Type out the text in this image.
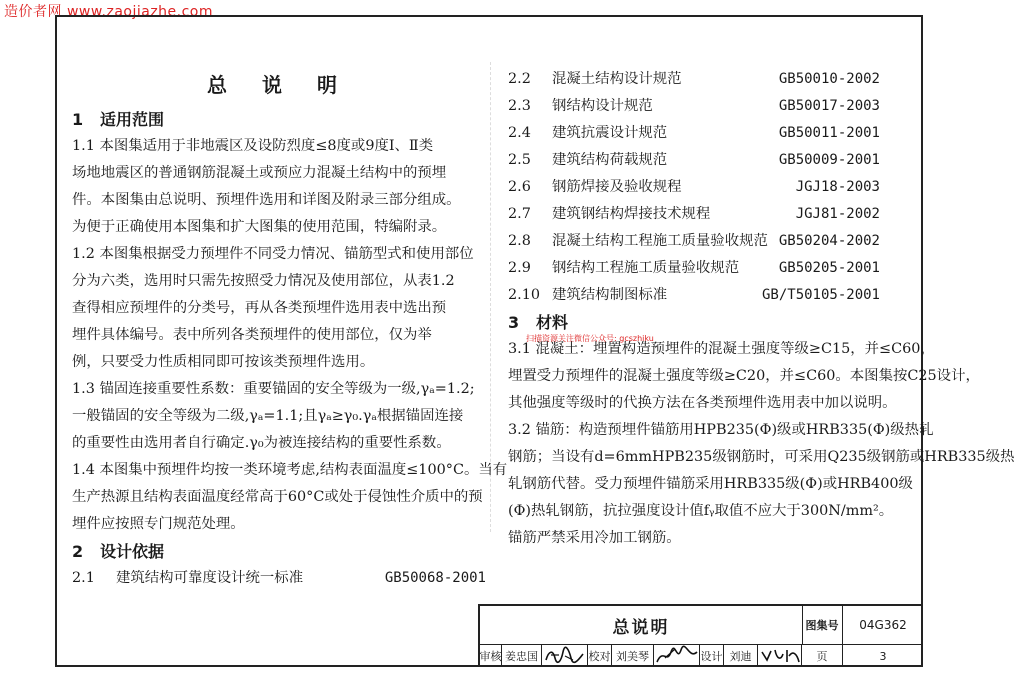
造价者网 www.zaojiazhe.com

总 说 明

1 适用范围

1.1 本图集适用于非地震区及设防烈度≤8度或9度Ⅰ、Ⅱ类

场地地震区的普通钢筋混凝土或预应力混凝土结构中的预埋

件。本图集由总说明、预埋件选用和详图及附录三部分组成。

为便于正确使用本图集和扩大图集的使用范围，特编附录。

1.2 本图集根据受力预埋件不同受力情况、锚筋型式和使用部位

分为六类，选用时只需先按照受力情况及使用部位，从表1.2

查得相应预埋件的分类号，再从各类预埋件选用表中选出预

埋件具体编号。表中所列各类预埋件的使用部位，仅为举

例，只要受力性质相同即可按该类预埋件选用。

1.3 锚固连接重要性系数：重要锚固的安全等级为一级,γₐ=1.2;

一般锚固的安全等级为二级,γₐ=1.1;且γₐ≥γ₀.γₐ根据锚固连接

的重要性由选用者自行确定.γ₀为被连接结构的重要性系数。

1.4 本图集中预埋件均按一类环境考虑,结构表面温度≤100°C。当有

生产热源且结构表面温度经常高于60°C或处于侵蚀性介质中的预

埋件应按照专门规范处理。

2 设计依据

2.1 建筑结构可靠度设计统一标准	GB50068-2001

2.2 混凝土结构设计规范	GB50010-2002

2.3 钢结构设计规范	GB50017-2003

2.4 建筑抗震设计规范	GB50011-2001

2.5 建筑结构荷载规范	GB50009-2001

2.6 钢筋焊接及验收规程	JGJ18-2003

2.7 建筑钢结构焊接技术规程	JGJ81-2002

2.8 混凝土结构工程施工质量验收规范 GB50204-2002

2.9 钢结构工程施工质量验收规范	GB50205-2001

2.10 建筑结构制图标准	GB/T50105-2001

3 材料

3.1 混凝土：埋置构造预埋件的混凝土强度等级≥C15，并≤C60，

埋置受力预埋件的混凝土强度等级≥C20，并≤C60。本图集按C25设计，

其他强度等级时的代换方法在各类预埋件选用表中加以说明。

3.2 锚筋：构造预埋件锚筋用HPB235(Φ)级或HRB335(Φ)级热轧

钢筋；当设有d=6mmHPB235级钢筋时，可采用Q235级钢筋或HRB335级热

轧钢筋代替。受力预埋件锚筋采用HRB335级(Φ)或HRB400级

(Φ)热轧钢筋，抗拉强度设计值fᵧ取值不应大于300N/mm²。

锚筋严禁采用冷加工钢筋。

扫描资源关注微信公众号: gcszhiku
总说明	图集号	04G362
审核 姜忠国	校对 刘美琴	设计 刘迪	页	3
